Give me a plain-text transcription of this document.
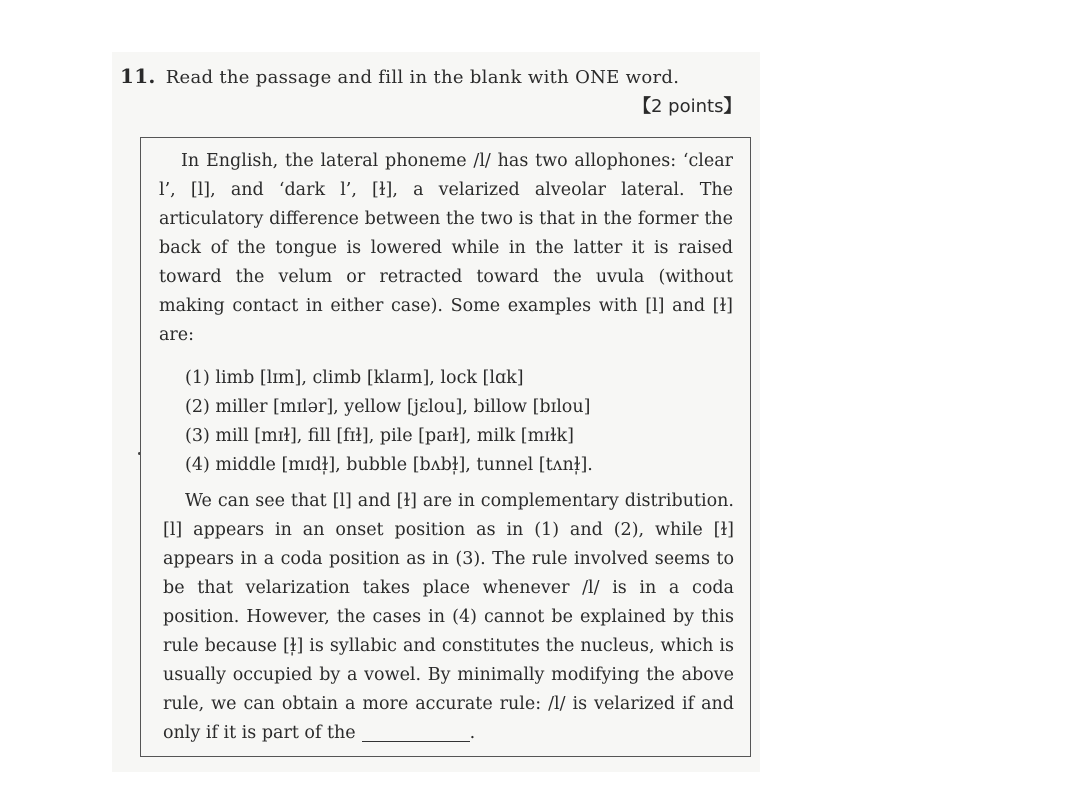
11. Read the passage and fill in the blank with ONE word.
【2 points】

In English, the lateral phoneme /l/ has two allophones: ‘clear l’, [l], and ‘dark l’, [ɫ], a velarized alveolar lateral. The articulatory difference between the two is that in the former the back of the tongue is lowered while in the latter it is raised toward the velum or retracted toward the uvula (without making contact in either case). Some examples with [l] and [ɫ] are:

(1) limb [lɪm], climb [klaɪm], lock [lɑk]
(2) miller [mɪlər], yellow [jɛlou], billow [bɪlou]
(3) mill [mɪɫ], fill [fɪɫ], pile [paɪɫ], milk [mɪɫk]
(4) middle [mɪdɫ̩], bubble [bʌbɫ̩], tunnel [tʌnɫ̩].

We can see that [l] and [ɫ] are in complementary distribution. [l] appears in an onset position as in (1) and (2), while [ɫ] appears in a coda position as in (3). The rule involved seems to be that velarization takes place whenever /l/ is in a coda position. However, the cases in (4) cannot be explained by this rule because [ɫ̩] is syllabic and constitutes the nucleus, which is usually occupied by a vowel. By minimally modifying the above rule, we can obtain a more accurate rule: /l/ is velarized if and only if it is part of the	.
